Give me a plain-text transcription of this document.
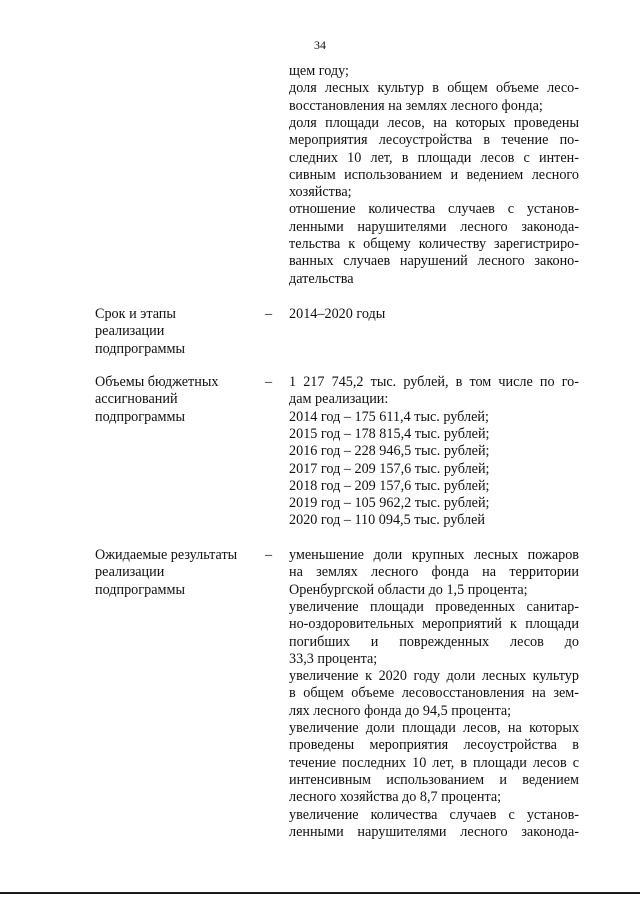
34
щем году;
доля лесных культур в общем объеме лесо-
восстановления на землях лесного фонда;
доля площади лесов, на которых проведены
мероприятия лесоустройства в течение по-
следних 10 лет, в площади лесов с интен-
сивным использованием и ведением лесного
хозяйства;
отношение количества случаев с установ-
ленными нарушителями лесного законода-
тельства к общему количеству зарегистриро-
ванных случаев нарушений лесного законо-
дательства
Срок и этапы
реализации
подпрограммы
– 2014–2020 годы
Объемы бюджетных
ассигнований
подпрограммы
– 1 217 745,2 тыс. рублей, в том числе по го-
дам реализации:
2014 год – 175 611,4 тыс. рублей;
2015 год – 178 815,4 тыс. рублей;
2016 год – 228 946,5 тыс. рублей;
2017 год – 209 157,6 тыс. рублей;
2018 год – 209 157,6 тыс. рублей;
2019 год – 105 962,2 тыс. рублей;
2020 год – 110 094,5 тыс. рублей
Ожидаемые результаты
реализации
подпрограммы
– уменьшение доли крупных лесных пожаров
на землях лесного фонда на территории
Оренбургской области до 1,5 процента;
увеличение площади проведенных санитар-
но-оздоровительных мероприятий к площади
погибших и поврежденных лесов до
33,3 процента;
увеличение к 2020 году доли лесных культур
в общем объеме лесовосстановления на зем-
лях лесного фонда до 94,5 процента;
увеличение доли площади лесов, на которых
проведены мероприятия лесоустройства в
течение последних 10 лет, в площади лесов с
интенсивным использованием и ведением
лесного хозяйства до 8,7 процента;
увеличение количества случаев с установ-
ленными нарушителями лесного законода-
